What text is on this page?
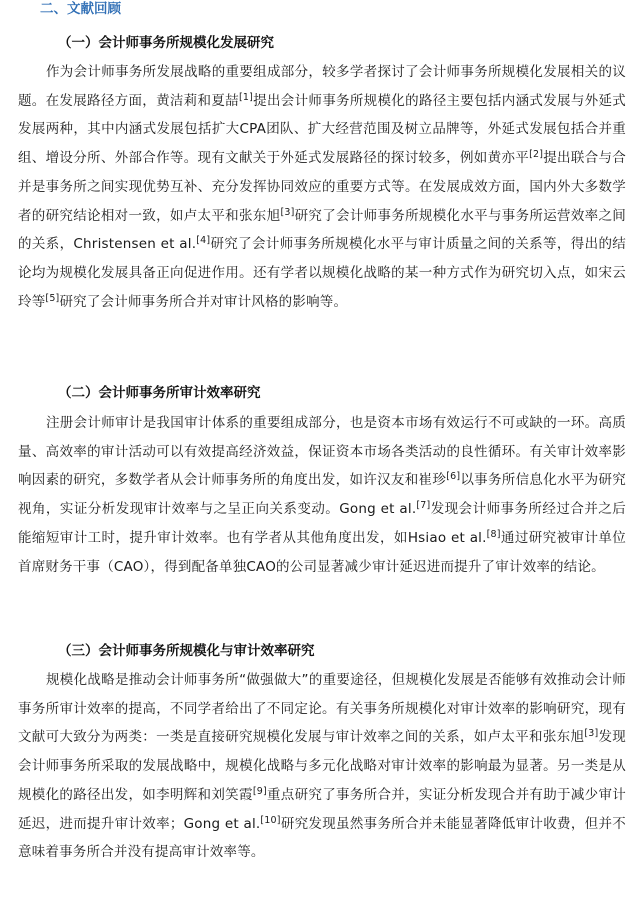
二、文献回顾
（一）会计师事务所规模化发展研究

作为会计师事务所发展战略的重要组成部分，较多学者探讨了会计师事务所规模化发展相关的议题。在发展路径方面，黄洁莉和夏喆[1]提出会计师事务所规模化的路径主要包括内涵式发展与外延式发展两种，其中内涵式发展包括扩大CPA团队、扩大经营范围及树立品牌等，外延式发展包括合并重组、增设分所、外部合作等。现有文献关于外延式发展路径的探讨较多，例如黄亦平[2]提出联合与合并是事务所之间实现优势互补、充分发挥协同效应的重要方式等。在发展成效方面，国内外大多数学者的研究结论相对一致，如卢太平和张东旭[3]研究了会计师事务所规模化水平与事务所运营效率之间的关系，Christensen et al.[4]研究了会计师事务所规模化水平与审计质量之间的关系等，得出的结论均为规模化发展具备正向促进作用。还有学者以规模化战略的某一种方式作为研究切入点，如宋云玲等[5]研究了会计师事务所合并对审计风格的影响等。

（二）会计师事务所审计效率研究

注册会计师审计是我国审计体系的重要组成部分，也是资本市场有效运行不可或缺的一环。高质量、高效率的审计活动可以有效提高经济效益，保证资本市场各类活动的良性循环。有关审计效率影响因素的研究，多数学者从会计师事务所的角度出发，如许汉友和崔珍[6]以事务所信息化水平为研究视角，实证分析发现审计效率与之呈正向关系变动。Gong et al.[7]发现会计师事务所经过合并之后能缩短审计工时，提升审计效率。也有学者从其他角度出发，如Hsiao et al.[8]通过研究被审计单位首席财务干事（CAO），得到配备单独CAO的公司显著减少审计延迟进而提升了审计效率的结论。

（三）会计师事务所规模化与审计效率研究

规模化战略是推动会计师事务所“做强做大”的重要途径，但规模化发展是否能够有效推动会计师事务所审计效率的提高，不同学者给出了不同定论。有关事务所规模化对审计效率的影响研究，现有文献可大致分为两类：一类是直接研究规模化发展与审计效率之间的关系，如卢太平和张东旭[3]发现会计师事务所采取的发展战略中，规模化战略与多元化战略对审计效率的影响最为显著。另一类是从规模化的路径出发，如李明辉和刘笑霞[9]重点研究了事务所合并，实证分析发现合并有助于减少审计延迟，进而提升审计效率；Gong et al.[10]研究发现虽然事务所合并未能显著降低审计收费，但并不意味着事务所合并没有提高审计效率等。
